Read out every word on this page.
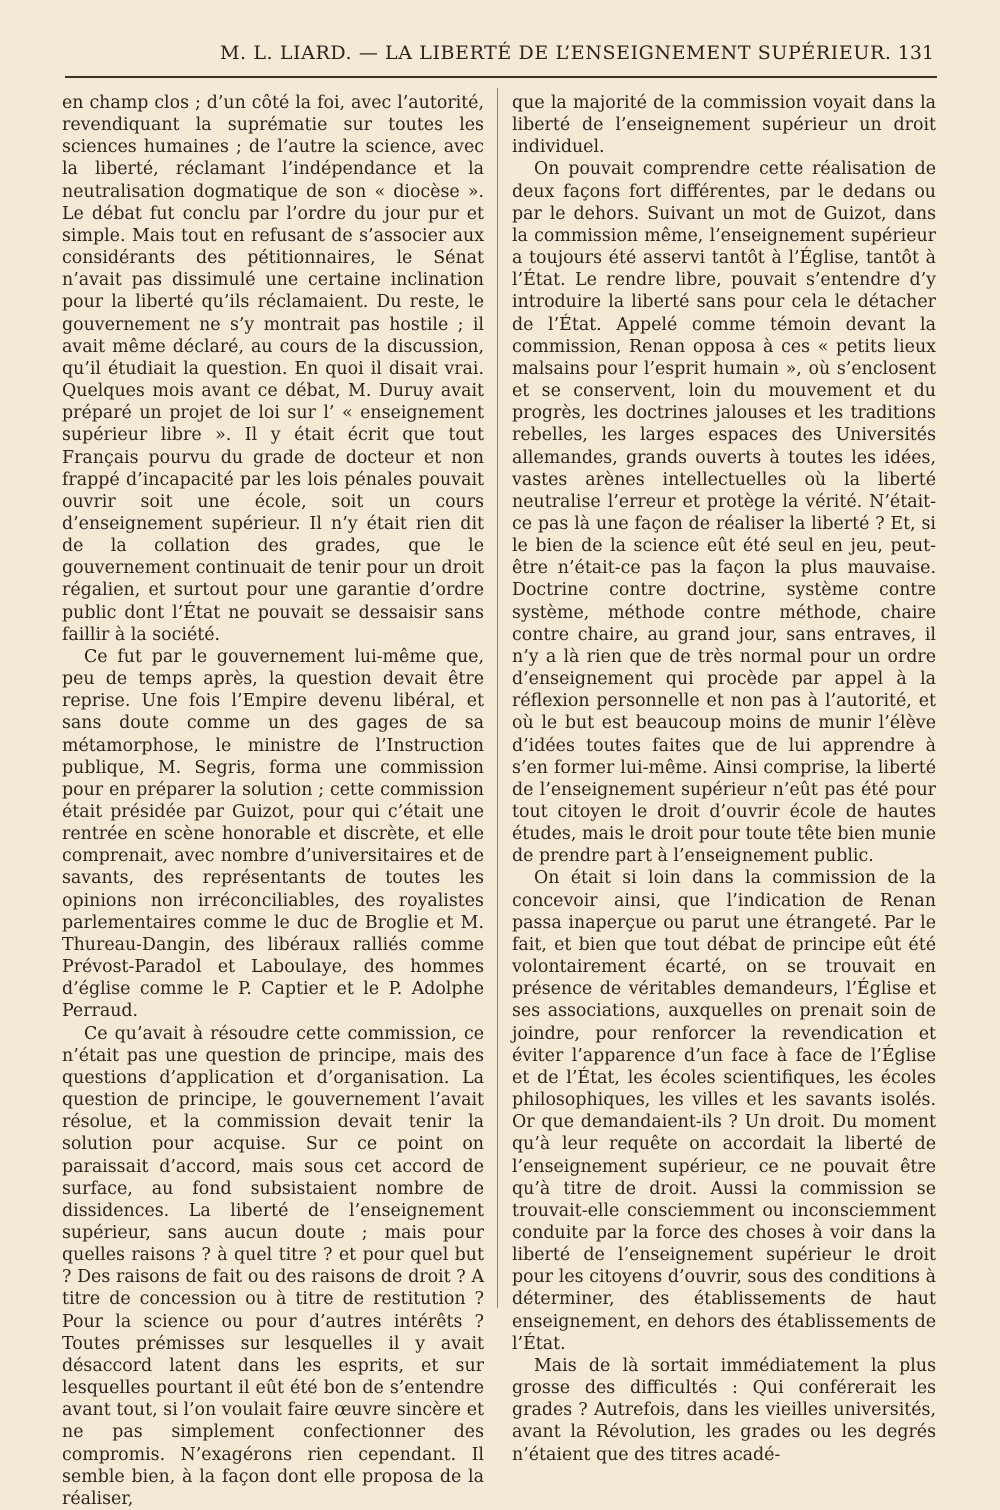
M. L. LIARD. — LA LIBERTÉ DE L’ENSEIGNEMENT SUPÉRIEUR. 131

en champ clos ; d’un côté la foi, avec l’autorité, revendiquant la suprématie sur toutes les sciences humaines ; de l’autre la science, avec la liberté, réclamant l’indépendance et la neutralisation dogmatique de son « diocèse ». Le débat fut conclu par l’ordre du jour pur et simple. Mais tout en refusant de s’associer aux considérants des pétitionnaires, le Sénat n’avait pas dissimulé une certaine inclination pour la liberté qu’ils réclamaient. Du reste, le gouvernement ne s’y montrait pas hostile ; il avait même déclaré, au cours de la discussion, qu’il étudiait la question. En quoi il disait vrai. Quelques mois avant ce débat, M. Duruy avait préparé un projet de loi sur l’ « enseignement supérieur libre ». Il y était écrit que tout Français pourvu du grade de docteur et non frappé d’incapacité par les lois pénales pouvait ouvrir soit une école, soit un cours d’enseignement supérieur. Il n’y était rien dit de la collation des grades, que le gouvernement continuait de tenir pour un droit régalien, et surtout pour une garantie d’ordre public dont l’État ne pouvait se dessaisir sans faillir à la société.

Ce fut par le gouvernement lui-même que, peu de temps après, la question devait être reprise. Une fois l’Empire devenu libéral, et sans doute comme un des gages de sa métamorphose, le ministre de l’Instruction publique, M. Segris, forma une commission pour en préparer la solution ; cette commission était présidée par Guizot, pour qui c’était une rentrée en scène honorable et discrète, et elle comprenait, avec nombre d’universitaires et de savants, des représentants de toutes les opinions non irréconciliables, des royalistes parlementaires comme le duc de Broglie et M. Thureau-Dangin, des libéraux ralliés comme Prévost-Paradol et Laboulaye, des hommes d’église comme le P. Captier et le P. Adolphe Perraud.

Ce qu’avait à résoudre cette commission, ce n’était pas une question de principe, mais des questions d’application et d’organisation. La question de principe, le gouvernement l’avait résolue, et la commission devait tenir la solution pour acquise. Sur ce point on paraissait d’accord, mais sous cet accord de surface, au fond subsistaient nombre de dissidences. La liberté de l’enseignement supérieur, sans aucun doute ; mais pour quelles raisons ? à quel titre ? et pour quel but ? Des raisons de fait ou des raisons de droit ? A titre de concession ou à titre de restitution ? Pour la science ou pour d’autres intérêts ? Toutes prémisses sur lesquelles il y avait désaccord latent dans les esprits, et sur lesquelles pourtant il eût été bon de s’entendre avant tout, si l’on voulait faire œuvre sincère et ne pas simplement confectionner des compromis. N’exagérons rien cependant. Il semble bien, à la façon dont elle proposa de la réaliser,

que la majorité de la commission voyait dans la liberté de l’enseignement supérieur un droit individuel.

On pouvait comprendre cette réalisation de deux façons fort différentes, par le dedans ou par le dehors. Suivant un mot de Guizot, dans la commission même, l’enseignement supérieur a toujours été asservi tantôt à l’Église, tantôt à l’État. Le rendre libre, pouvait s’entendre d’y introduire la liberté sans pour cela le détacher de l’État. Appelé comme témoin devant la commission, Renan opposa à ces « petits lieux malsains pour l’esprit humain », où s’enclosent et se conservent, loin du mouvement et du progrès, les doctrines jalouses et les traditions rebelles, les larges espaces des Universités allemandes, grands ouverts à toutes les idées, vastes arènes intellectuelles où la liberté neutralise l’erreur et protège la vérité. N’était-ce pas là une façon de réaliser la liberté ? Et, si le bien de la science eût été seul en jeu, peut-être n’était-ce pas la façon la plus mauvaise. Doctrine contre doctrine, système contre système, méthode contre méthode, chaire contre chaire, au grand jour, sans entraves, il n’y a là rien que de très normal pour un ordre d’enseignement qui procède par appel à la réflexion personnelle et non pas à l’autorité, et où le but est beaucoup moins de munir l’élève d’idées toutes faites que de lui apprendre à s’en former lui-même. Ainsi comprise, la liberté de l’enseignement supérieur n’eût pas été pour tout citoyen le droit d’ouvrir école de hautes études, mais le droit pour toute tête bien munie de prendre part à l’enseignement public.

On était si loin dans la commission de la concevoir ainsi, que l’indication de Renan passa inaperçue ou parut une étrangeté. Par le fait, et bien que tout débat de principe eût été volontairement écarté, on se trouvait en présence de véritables demandeurs, l’Église et ses associations, auxquelles on prenait soin de joindre, pour renforcer la revendication et éviter l’apparence d’un face à face de l’Église et de l’État, les écoles scientifiques, les écoles philosophiques, les villes et les savants isolés. Or que demandaient-ils ? Un droit. Du moment qu’à leur requête on accordait la liberté de l’enseignement supérieur, ce ne pouvait être qu’à titre de droit. Aussi la commission se trouvait-elle consciemment ou inconsciemment conduite par la force des choses à voir dans la liberté de l’enseignement supérieur le droit pour les citoyens d’ouvrir, sous des conditions à déterminer, des établissements de haut enseignement, en dehors des établissements de l’État.

Mais de là sortait immédiatement la plus grosse des difficultés : Qui conférerait les grades ? Autrefois, dans les vieilles universités, avant la Révolution, les grades ou les degrés n’étaient que des titres acadé-
